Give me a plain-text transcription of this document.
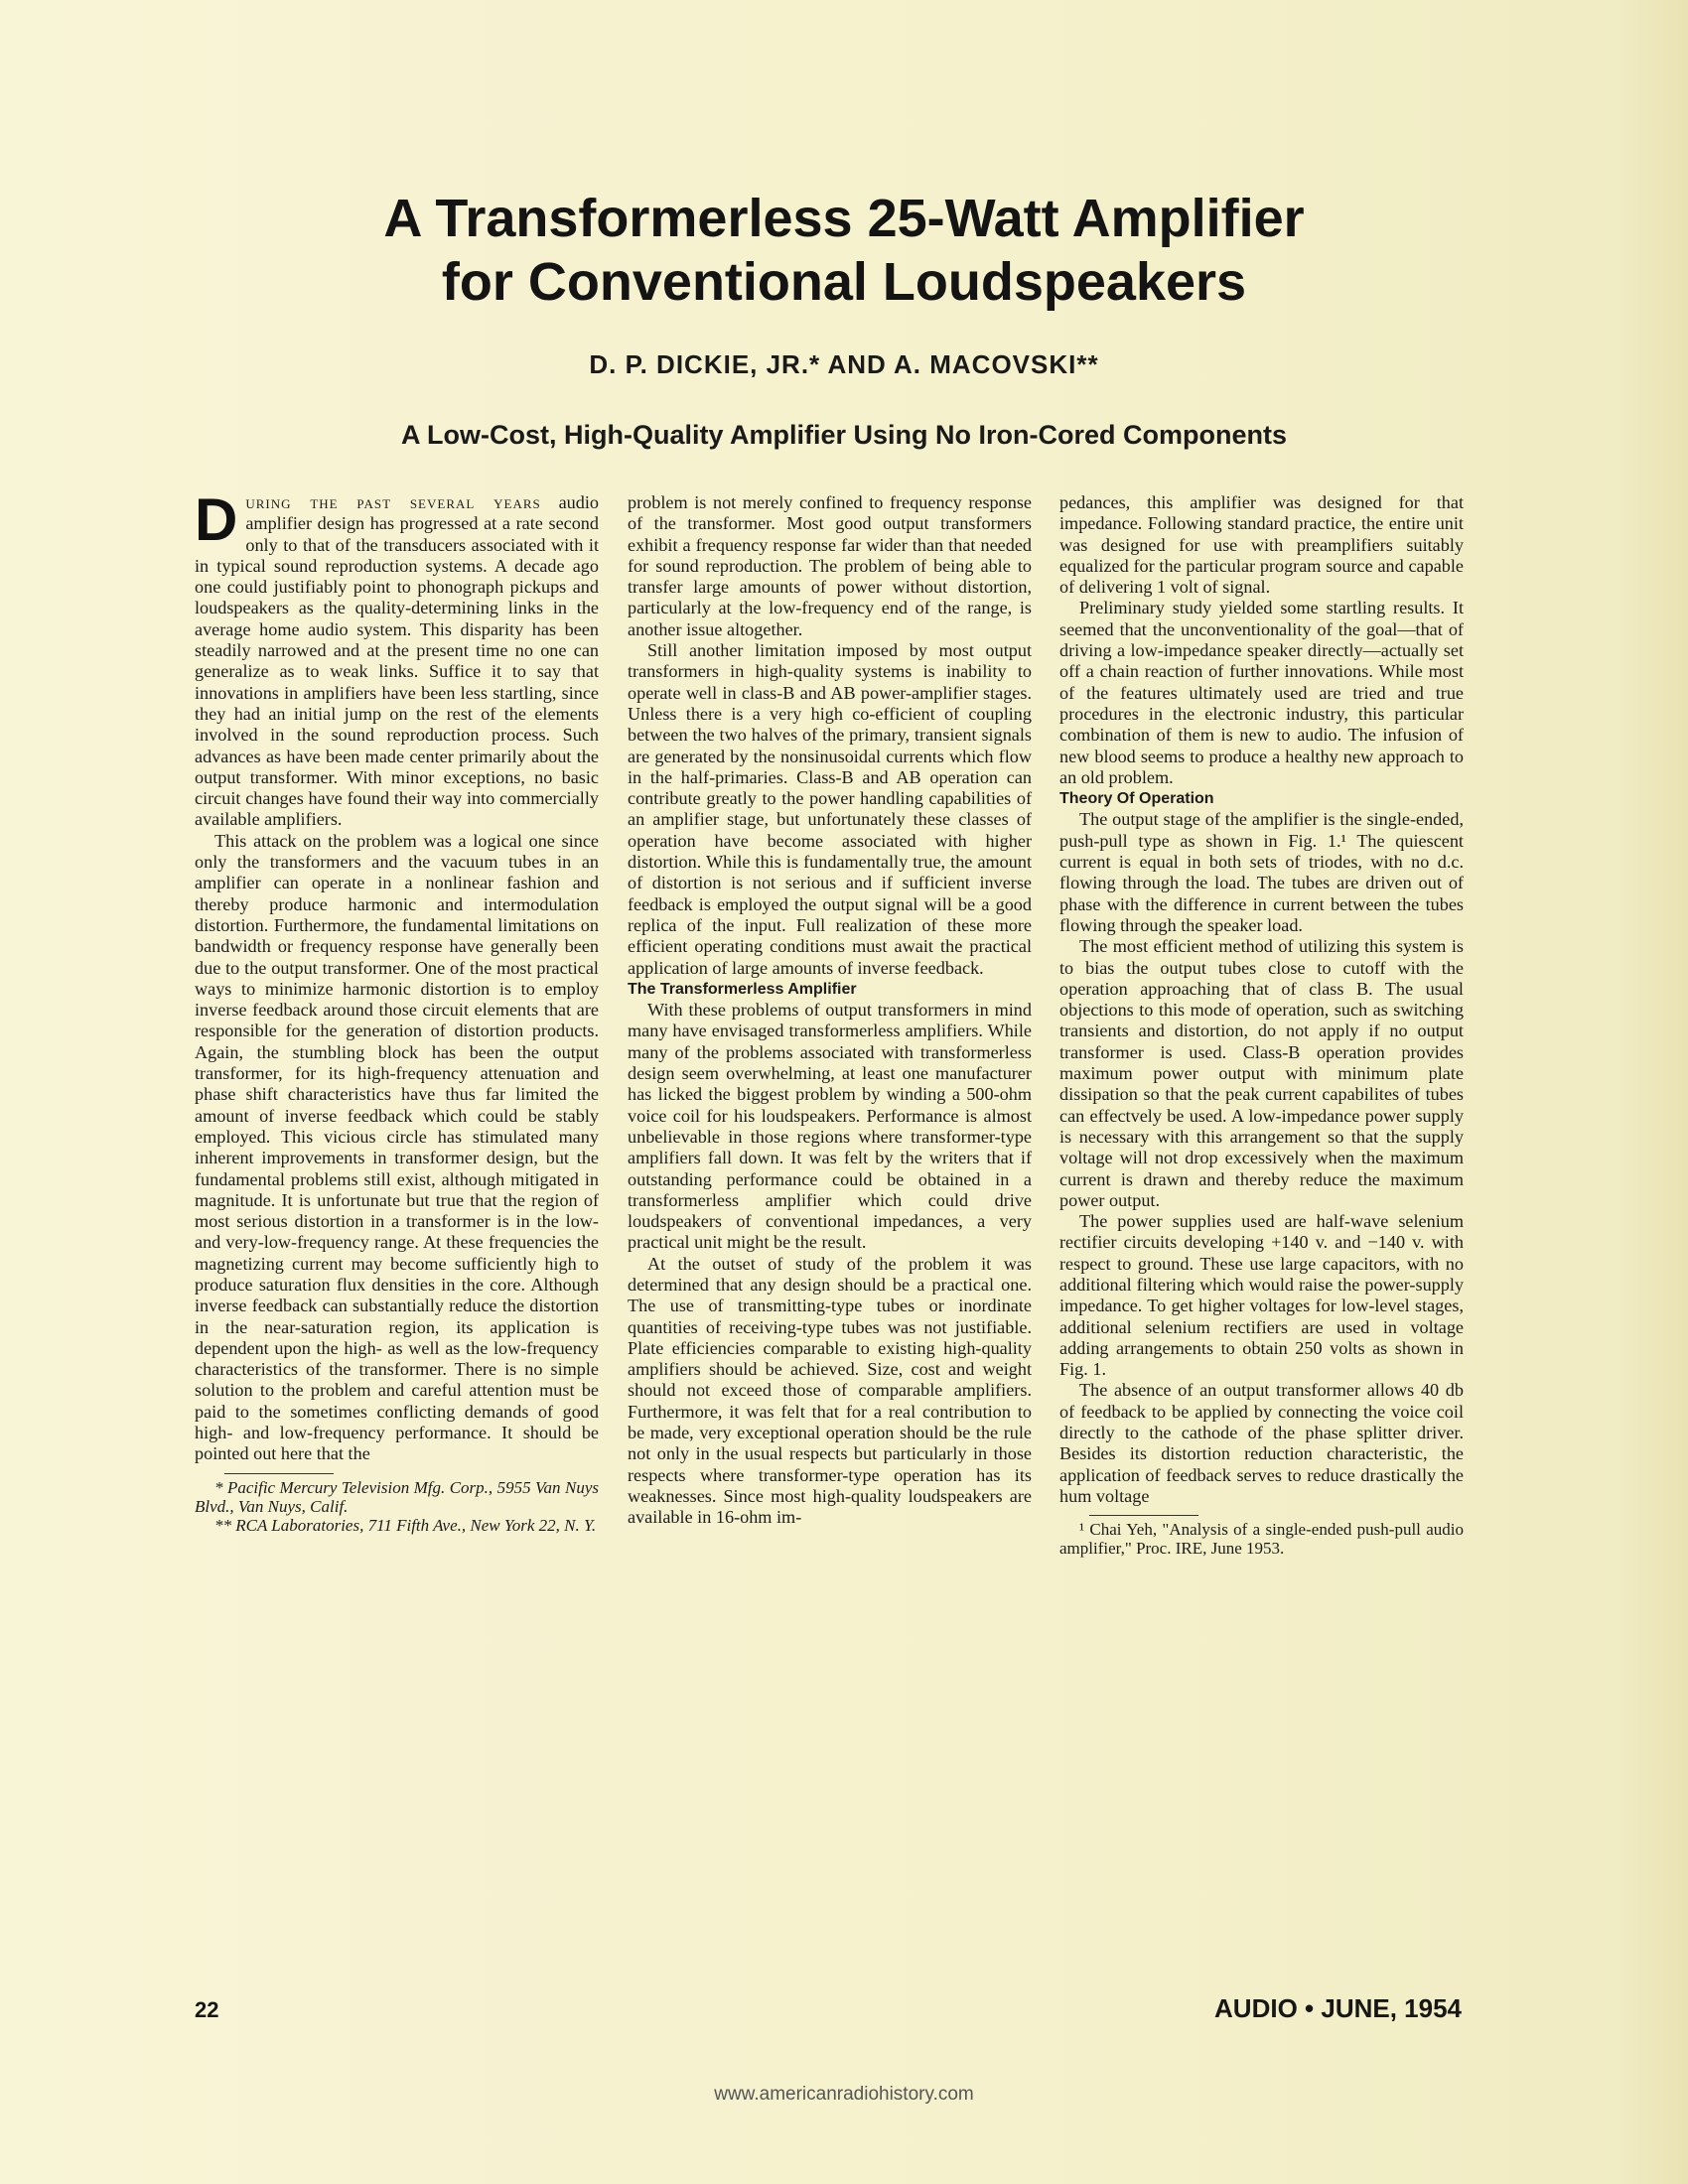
A Transformerless 25-Watt Amplifier
for Conventional Loudspeakers
D. P. DICKIE, JR.* AND A. MACOVSKI**
A Low-Cost, High-Quality Amplifier Using No Iron-Cored Components

During the past several years audio amplifier design has progressed at a rate second only to that of the transducers associated with it in typical sound reproduction systems. A decade ago one could justifiably point to phonograph pickups and loudspeakers as the quality-determining links in the average home audio system. This disparity has been steadily narrowed and at the present time no one can generalize as to weak links. Suffice it to say that innovations in amplifiers have been less startling, since they had an initial jump on the rest of the elements involved in the sound reproduction process. Such advances as have been made center primarily about the output transformer. With minor exceptions, no basic circuit changes have found their way into commercially available amplifiers.

This attack on the problem was a logical one since only the transformers and the vacuum tubes in an amplifier can operate in a nonlinear fashion and thereby produce harmonic and intermodulation distortion. Furthermore, the fundamental limitations on bandwidth or frequency response have generally been due to the output transformer. One of the most practical ways to minimize harmonic distortion is to employ inverse feedback around those circuit elements that are responsible for the generation of distortion products. Again, the stumbling block has been the output transformer, for its high-frequency attenuation and phase shift characteristics have thus far limited the amount of inverse feedback which could be stably employed. This vicious circle has stimulated many inherent improvements in transformer design, but the fundamental problems still exist, although mitigated in magnitude. It is unfortunate but true that the region of most serious distortion in a transformer is in the low- and very-low-frequency range. At these frequencies the magnetizing current may become sufficiently high to produce saturation flux densities in the core. Although inverse feedback can substantially reduce the distortion in the near-saturation region, its application is dependent upon the high- as well as the low-frequency characteristics of the transformer. There is no simple solution to the problem and careful attention must be paid to the sometimes conflicting demands of good high- and low-frequency performance. It should be pointed out here that the

* Pacific Mercury Television Mfg. Corp., 5955 Van Nuys Blvd., Van Nuys, Calif.

** RCA Laboratories, 711 Fifth Ave., New York 22, N. Y.

problem is not merely confined to frequency response of the transformer. Most good output transformers exhibit a frequency response far wider than that needed for sound reproduction. The problem of being able to transfer large amounts of power without distortion, particularly at the low-frequency end of the range, is another issue altogether.

Still another limitation imposed by most output transformers in high-quality systems is inability to operate well in class-B and AB power-amplifier stages. Unless there is a very high co-efficient of coupling between the two halves of the primary, transient signals are generated by the nonsinusoidal currents which flow in the half-primaries. Class-B and AB operation can contribute greatly to the power handling capabilities of an amplifier stage, but unfortunately these classes of operation have become associated with higher distortion. While this is fundamentally true, the amount of distortion is not serious and if sufficient inverse feedback is employed the output signal will be a good replica of the input. Full realization of these more efficient operating conditions must await the practical application of large amounts of inverse feedback.

The Transformerless Amplifier

With these problems of output transformers in mind many have envisaged transformerless amplifiers. While many of the problems associated with transformerless design seem overwhelming, at least one manufacturer has licked the biggest problem by winding a 500-ohm voice coil for his loudspeakers. Performance is almost unbelievable in those regions where transformer-type amplifiers fall down. It was felt by the writers that if outstanding performance could be obtained in a transformerless amplifier which could drive loudspeakers of conventional impedances, a very practical unit might be the result.

At the outset of study of the problem it was determined that any design should be a practical one. The use of transmitting-type tubes or inordinate quantities of receiving-type tubes was not justifiable. Plate efficiencies comparable to existing high-quality amplifiers should be achieved. Size, cost and weight should not exceed those of comparable amplifiers. Furthermore, it was felt that for a real contribution to be made, very exceptional operation should be the rule not only in the usual respects but particularly in those respects where transformer-type operation has its weaknesses. Since most high-quality loudspeakers are available in 16-ohm im-

pedances, this amplifier was designed for that impedance. Following standard practice, the entire unit was designed for use with preamplifiers suitably equalized for the particular program source and capable of delivering 1 volt of signal.

Preliminary study yielded some startling results. It seemed that the unconventionality of the goal—that of driving a low-impedance speaker directly—actually set off a chain reaction of further innovations. While most of the features ultimately used are tried and true procedures in the electronic industry, this particular combination of them is new to audio. The infusion of new blood seems to produce a healthy new approach to an old problem.

Theory Of Operation

The output stage of the amplifier is the single-ended, push-pull type as shown in Fig. 1.¹ The quiescent current is equal in both sets of triodes, with no d.c. flowing through the load. The tubes are driven out of phase with the difference in current between the tubes flowing through the speaker load.

The most efficient method of utilizing this system is to bias the output tubes close to cutoff with the operation approaching that of class B. The usual objections to this mode of operation, such as switching transients and distortion, do not apply if no output transformer is used. Class-B operation provides maximum power output with minimum plate dissipation so that the peak current capabilites of tubes can effectvely be used. A low-impedance power supply is necessary with this arrangement so that the supply voltage will not drop excessively when the maximum current is drawn and thereby reduce the maximum power output.

The power supplies used are half-wave selenium rectifier circuits developing +140 v. and −140 v. with respect to ground. These use large capacitors, with no additional filtering which would raise the power-supply impedance. To get higher voltages for low-level stages, additional selenium rectifiers are used in voltage adding arrangements to obtain 250 volts as shown in Fig. 1.

The absence of an output transformer allows 40 db of feedback to be applied by connecting the voice coil directly to the cathode of the phase splitter driver. Besides its distortion reduction characteristic, the application of feedback serves to reduce drastically the hum voltage

¹ Chai Yeh, "Analysis of a single-ended push-pull audio amplifier," Proc. IRE, June 1953.

22	AUDIO • JUNE, 1954
www.americanradiohistory.com
